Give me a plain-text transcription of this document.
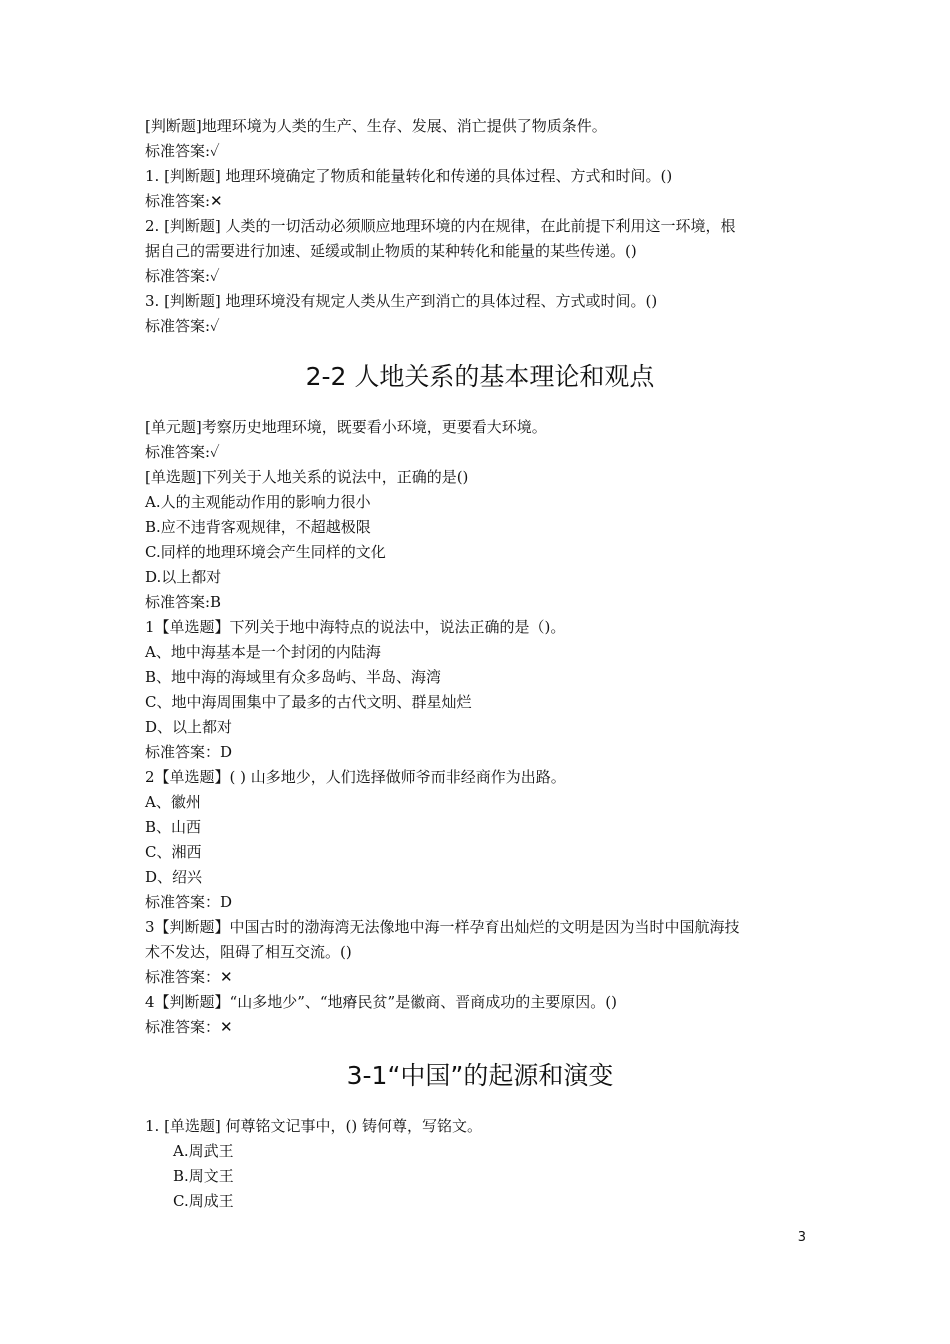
[判断题]地理环境为人类的生产、生存、发展、消亡提供了物质条件。
标准答案:✓
1. [判断题] 地理环境确定了物质和能量转化和传递的具体过程、方式和时间。()
标准答案:✕
2. [判断题] 人类的一切活动必须顺应地理环境的内在规律，在此前提下利用这一环境，根
据自己的需要进行加速、延缓或制止物质的某种转化和能量的某些传递。()
标准答案:✓
3. [判断题] 地理环境没有规定人类从生产到消亡的具体过程、方式或时间。()
标准答案:✓
2-2 人地关系的基本理论和观点
[单元题]考察历史地理环境，既要看小环境，更要看大环境。
标准答案:✓
[单选题]下列关于人地关系的说法中，正确的是()
A.人的主观能动作用的影响力很小
B.应不违背客观规律，不超越极限
C.同样的地理环境会产生同样的文化
D.以上都对
标准答案:B
1【单选题】下列关于地中海特点的说法中，说法正确的是（)。
A、地中海基本是一个封闭的内陆海
B、地中海的海域里有众多岛屿、半岛、海湾
C、地中海周围集中了最多的古代文明、群星灿烂
D、以上都对
标准答案：D
2【单选题】( ) 山多地少，人们选择做师爷而非经商作为出路。
A、徽州
B、山西
C、湘西
D、绍兴
标准答案：D
3【判断题】中国古时的渤海湾无法像地中海一样孕育出灿烂的文明是因为当时中国航海技
术不发达，阻碍了相互交流。()
标准答案：✕
4【判断题】“山多地少”、“地瘠民贫”是徽商、晋商成功的主要原因。()
标准答案：✕
3-1“中国”的起源和演变
1. [单选题] 何尊铭文记事中，() 铸何尊，写铭文。
A.周武王
B.周文王
C.周成王
3
